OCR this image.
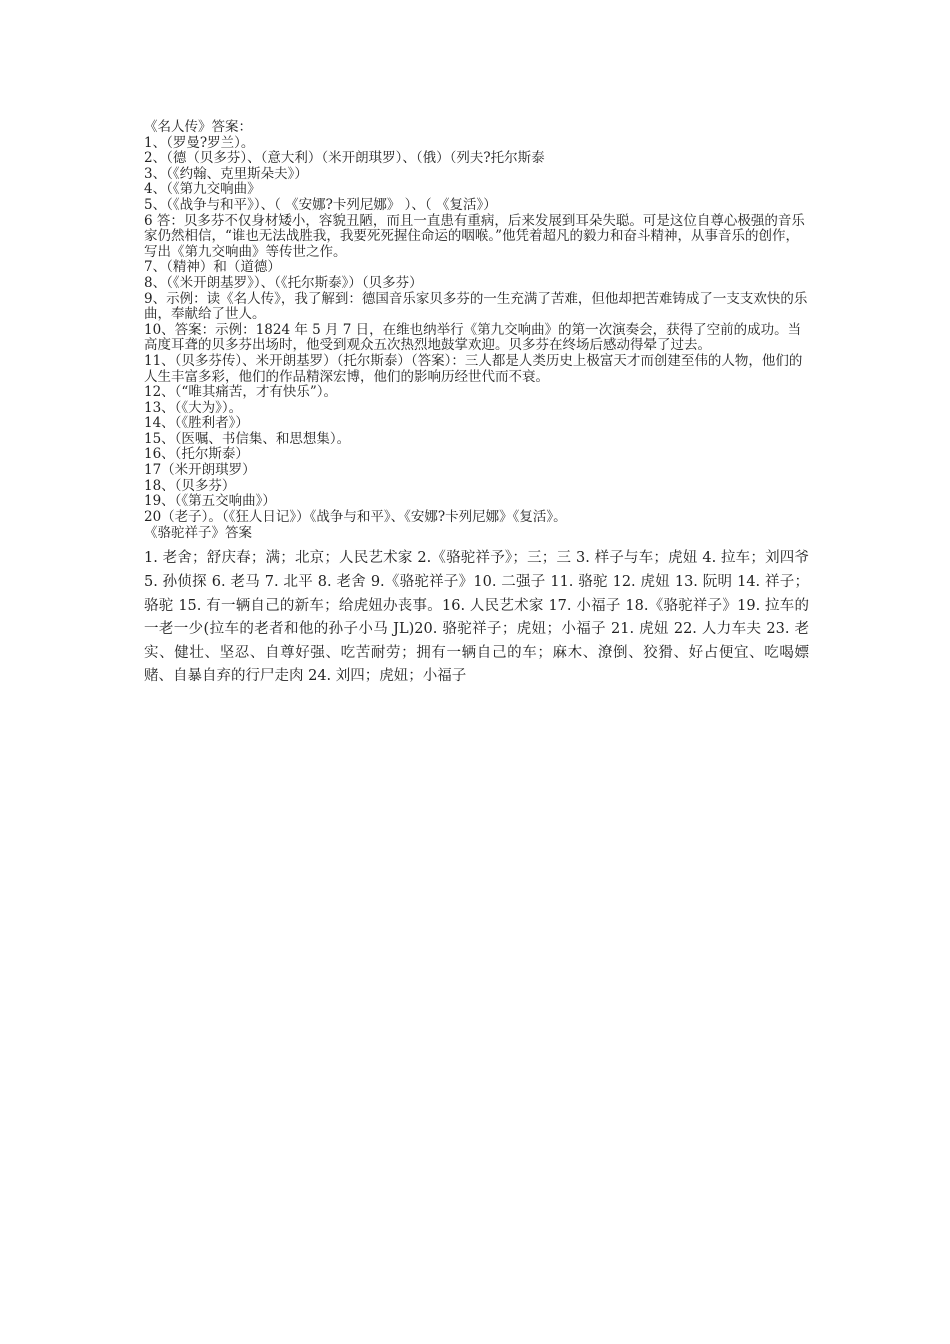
《名人传》答案：

1、（罗曼?罗兰）。

2、（德（贝多芬）、（意大利）（米开朗琪罗）、（俄）（列夫?托尔斯泰

3、（《约翰、克里斯朵夫》）

4、（《第九交响曲》

5、（《战争与和平》）、（ 《安娜?卡列尼娜》 ）、（ 《复活》）

6 答：贝多芬不仅身材矮小，容貌丑陋，而且一直患有重病，后来发展到耳朵失聪。可是这位自尊心极强的音乐家仍然相信，“谁也无法战胜我，我要死死握住命运的咽喉。”他凭着超凡的毅力和奋斗精神，从事音乐的创作，写出《第九交响曲》等传世之作。

7、（精神）和（道德）

8、（《米开朗基罗》）、（《托尔斯泰》）（贝多芬）

9、示例：读《名人传》，我了解到：德国音乐家贝多芬的一生充满了苦难，但他却把苦难铸成了一支支欢快的乐曲，奉献给了世人。

10、答案：示例：1824 年 5 月 7 日，在维也纳举行《第九交响曲》的第一次演奏会，获得了空前的成功。当高度耳聋的贝多芬出场时，他受到观众五次热烈地鼓掌欢迎。贝多芬在终场后感动得晕了过去。

11、（贝多芬传）、米开朗基罗）（托尔斯泰）（答案）：三人都是人类历史上极富天才而创建至伟的人物，他们的人生丰富多彩，他们的作品精深宏博，他们的影响历经世代而不衰。

12、（“唯其痛苦，才有快乐”）。

13、（《大为》）。

14、（《胜利者》）

15、（医嘱、书信集、和思想集）。

16、（托尔斯泰）

17（米开朗琪罗）

18、（贝多芬）

19、（《第五交响曲》）

20（老子）。（《狂人日记》）《战争与和平》、《安娜?卡列尼娜》《复活》。

《骆驼祥子》答案

1. 老舍；舒庆春；满；北京；人民艺术家 2.《骆驼祥予》；三；三 3. 样子与车；虎妞 4. 拉车；刘四爷 5. 孙侦探 6. 老马 7. 北平 8. 老舍 9.《骆驼祥子》10. 二强子 11. 骆驼 12. 虎妞 13. 阮明 14. 祥子；骆驼 15. 有一辆自己的新车；给虎妞办丧事。16. 人民艺术家 17. 小福子 18.《骆驼祥子》19. 拉车的一老一少(拉车的老者和他的孙子小马 JL)20. 骆驼祥子；虎妞；小福子 21. 虎妞 22. 人力车夫 23. 老实、健壮、坚忍、自尊好强、吃苦耐劳；拥有一辆自己的车；麻木、潦倒、狡猾、好占便宜、吃喝嫖赌、自暴自弃的行尸走肉 24. 刘四；虎妞；小福子
